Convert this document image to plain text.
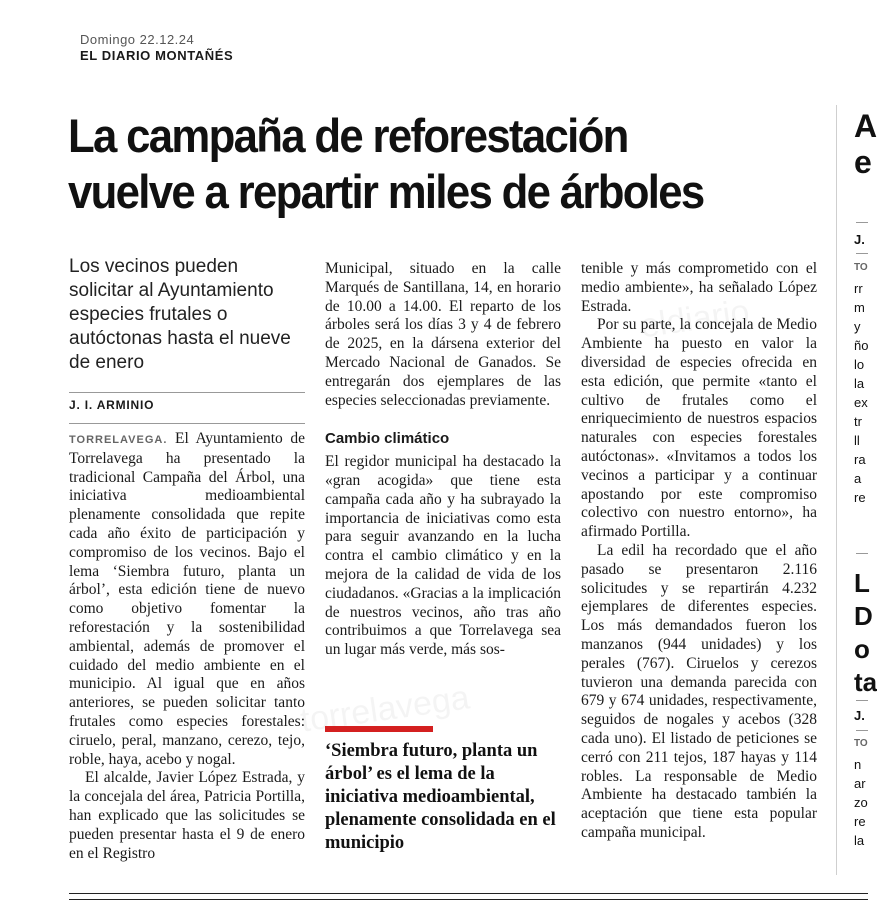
Domingo 22.12.24
EL DIARIO MONTAÑÉS
La campaña de reforestación
vuelve a repartir miles de árboles
Los vecinos pueden solicitar al Ayuntamiento especies frutales o autóctonas hasta el nueve de enero
J. I. ARMINIO

TORRELAVEGA. El Ayuntamiento de Torrelavega ha presentado la tradicional Campaña del Árbol, una iniciativa medioambiental plenamente consolidada que repite cada año éxito de participación y compromiso de los vecinos. Bajo el lema ‘Siembra futuro, planta un árbol’, esta edición tiene de nuevo como objetivo fomentar la reforestación y la sostenibilidad ambiental, además de promover el cuidado del medio ambiente en el municipio. Al igual que en años anteriores, se pueden solicitar tanto frutales como especies forestales: ciruelo, peral, manzano, cerezo, tejo, roble, haya, acebo y nogal.

El alcalde, Javier López Estrada, y la concejala del área, Patricia Portilla, han explicado que las solicitudes se pueden presentar hasta el 9 de enero en el Registro

Municipal, situado en la calle Marqués de Santillana, 14, en horario de 10.00 a 14.00. El reparto de los árboles será los días 3 y 4 de febrero de 2025, en la dársena exterior del Mercado Nacional de Ganados. Se entregarán dos ejemplares de las especies seleccionadas previamente.

Cambio climático

El regidor municipal ha destacado la «gran acogida» que tiene esta campaña cada año y ha subrayado la importancia de iniciativas como esta para seguir avanzando en la lucha contra el cambio climático y en la mejora de la calidad de vida de los ciudadanos. «Gracias a la implicación de nuestros vecinos, año tras año contribuimos a que Torrelavega sea un lugar más verde, más sos-

‘Siembra futuro, planta un árbol’ es el lema de la iniciativa medioambiental, plenamente consolidada en el municipio

tenible y más comprometido con el medio ambiente», ha señalado López Estrada.

Por su parte, la concejala de Medio Ambiente ha puesto en valor la diversidad de especies ofrecida en esta edición, que permite «tanto el cultivo de frutales como el enriquecimiento de nuestros espacios naturales con especies forestales autóctonas». «Invitamos a todos los vecinos a participar y a continuar apostando por este compromiso colectivo con nuestro entorno», ha afirmado Portilla.

La edil ha recordado que el año pasado se presentaron 2.116 solicitudes y se repartirán 4.232 ejemplares de diferentes especies. Los más demandados fueron los manzanos (944 unidades) y los perales (767). Ciruelos y cerezos tuvieron una demanda parecida con 679 y 674 unidades, respectivamente, seguidos de nogales y acebos (328 cada uno). El listado de peticiones se cerró con 211 tejos, 187 hayas y 114 robles. La responsable de Medio Ambiente ha destacado también la aceptación que tiene esta popular campaña municipal.

A
e
J.
TO
rr
m
y
ño
lo
la
ex
tr
ll
ra
a
re
L
D
o
ta
J.
TO
n
ar
zo
re
la
